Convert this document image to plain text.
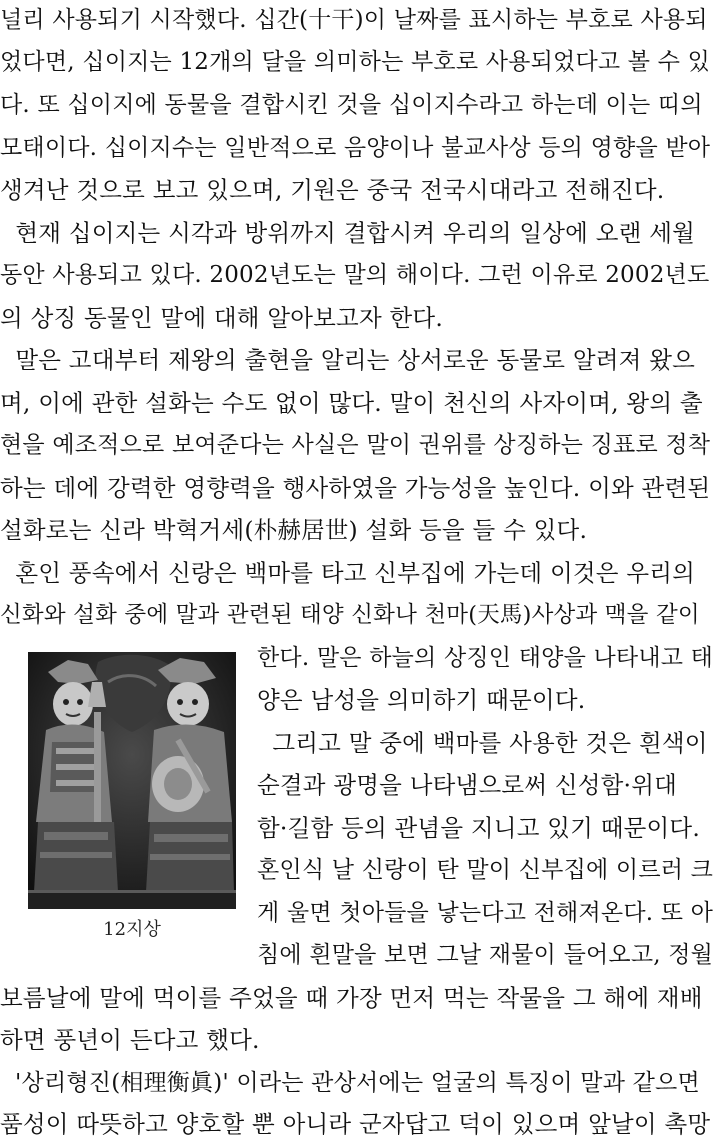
널리 사용되기 시작했다. 십간(十干)이 날짜를 표시하는 부호로 사용되
었다면, 십이지는 12개의 달을 의미하는 부호로 사용되었다고 볼 수 있
다. 또 십이지에 동물을 결합시킨 것을 십이지수라고 하는데 이는 띠의
모태이다. 십이지수는 일반적으로 음양이나 불교사상 등의 영향을 받아
생겨난 것으로 보고 있으며, 기원은 중국 전국시대라고 전해진다.
현재 십이지는 시각과 방위까지 결합시켜 우리의 일상에 오랜 세월
동안 사용되고 있다. 2002년도는 말의 해이다. 그런 이유로 2002년도
의 상징 동물인 말에 대해 알아보고자 한다.
말은 고대부터 제왕의 출현을 알리는 상서로운 동물로 알려져 왔으
며, 이에 관한 설화는 수도 없이 많다. 말이 천신의 사자이며, 왕의 출
현을 예조적으로 보여준다는 사실은 말이 권위를 상징하는 징표로 정착
하는 데에 강력한 영향력을 행사하였을 가능성을 높인다. 이와 관련된
설화로는 신라 박혁거세(朴赫居世) 설화 등을 들 수 있다.
혼인 풍속에서 신랑은 백마를 타고 신부집에 가는데 이것은 우리의
신화와 설화 중에 말과 관련된 태양 신화나 천마(天馬)사상과 맥을 같이
한다. 말은 하늘의 상징인 태양을 나타내고 태
양은 남성을 의미하기 때문이다.
그리고 말 중에 백마를 사용한 것은 흰색이
순결과 광명을 나타냄으로써 신성함·위대
함·길함 등의 관념을 지니고 있기 때문이다.
혼인식 날 신랑이 탄 말이 신부집에 이르러 크
게 울면 첫아들을 낳는다고 전해져온다. 또 아
침에 흰말을 보면 그날 재물이 들어오고, 정월
보름날에 말에 먹이를 주었을 때 가장 먼저 먹는 작물을 그 해에 재배
하면 풍년이 든다고 했다.
'상리형진(相理衡眞)' 이라는 관상서에는 얼굴의 특징이 말과 같으면
품성이 따뜻하고 양호할 뿐 아니라 군자답고 덕이 있으며 앞날이 촉망
12지상
